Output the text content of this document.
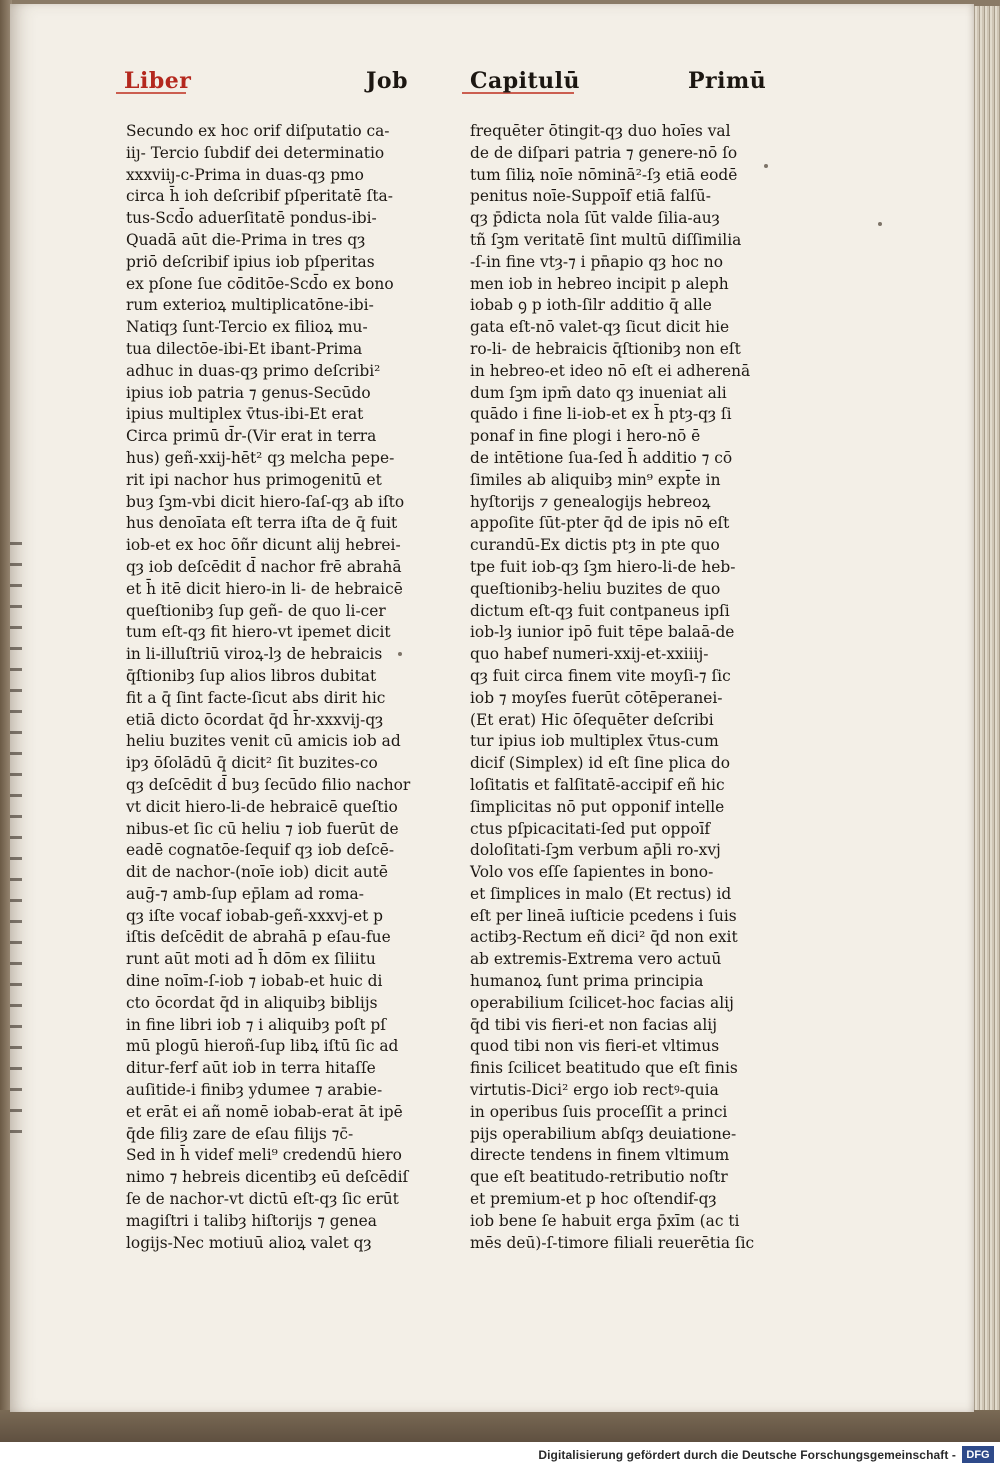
Liber	Job	Capitulū	Primū
Secundo ex hoc orif diſputatio ca-
iiȷ- Tercio ſubdif dei determinatio
xxxviiȷ-c-Prima in duas-qȝ pmo
circa h̄ ioh deſcribif pſperitatē ſta-
tus-Scd̄o aduerſitatē pondus-ibi-
Quadā aūt die-Prima in tres qȝ
priō deſcribif ipius iob pſperitas
ex pſone ſue cōditōe-Scd̄o ex bono
rum exterioꝝ multiplicatōne-ibi-
Natiqȝ ſunt-Tercio ex filioꝝ mu-
tua dilectōe-ibi-Et ibant-Prima
adhuc in duas-qȝ primo deſcribi²
ipius iob patria ⁊ genus-Secūdo
ipius multiplex v̄tus-ibi-Et erat
Circa primū d̄r-(Vir erat in terra
hus) geñ-xxij-hēt² qȝ melcha pepe-
rit ipi nachor hus primogenitū et
buȝ ſꝫm-vbi dicit hiero-ſaſ-qȝ ab iſto
hus denoīata eſt terra iſta de q̄ fuit
iob-et ex hoc ōñr dicunt alij hebrei-
qȝ iob deſcēdit d̄ nachor frē abrahā
et h̄ itē dicit hiero-in li- de hebraicē
queſtionibȝ ſup geñ- de quo li-cer
tum eſt-qȝ fit hiero-vt ipemet dicit
in li-illuſtriū viroꝝ-lȝ de hebraicis
q̄ſtionibȝ ſup alios libros dubitat
fit a q̄ ſint facte-ſicut abs dirit hic
etiā dicto ōcordat q̄d h̄r-xxxvij-qȝ
heliu buzites venit cū amicis iob ad
ipȝ ōſolādū q̄ dicit² ſit buzites-co
qȝ deſcēdit d̄ buȝ ſecūdo filio nachor
vt dicit hiero-li-de hebraicē queſtio
nibus-et ſic cū heliu ⁊ iob fuerūt de
eadē cognatōe-ſequif qȝ iob deſcē-
dit de nachor-(noīe iob) dicit autē
auḡ-⁊ amb-ſup ep̄lam ad roma-
qȝ iſte vocaf iobab-geñ-xxxvj-et p
iſtis deſcēdit de abrahā p eſau-fue
runt aūt moti ad h̄ dōm ex ſiliitu
dine noīm-ſ-iob ⁊ iobab-et huic di
cto ōcordat q̄d in aliquibȝ biblijs
in fine libri iob ⁊ i aliquibȝ poſt pſ
mū plogū hieroñ-ſup libꝝ iſtū ſic ad
ditur-ferf aūt iob in terra hitaſſe
auſitide-i finibȝ ydumee ⁊ arabie-
et erāt ei añ nomē iobab-erat āt ipē
q̄de filiȝ zare de eſau filijs ⁊c̄-
Sed in h̄ videf meli⁹ credendū hiero
nimo ⁊ hebreis dicentibȝ eū deſcēdiſ
ſe de nachor-vt dictū eſt-qȝ ſic erūt
magiſtri i talibȝ hiſtorijs ⁊ genea
logijs-Nec motiuū alioꝝ valet qȝ
frequēter ōtingit-qȝ duo hoīes val
de de diſpari patria ⁊ genere-nō ſo
tum ſiliꝝ noīe nōminā²-ſȝ etiā eodē
penitus noīe-Suppoīf etiā falſū-
qȝ p̄dicta nola ſūt valde ſilia-auȝ
tñ ſꝫm veritatē ſint multū diſſimilia
-ſ-in fine vtȝ-⁊ i pn̄apio qȝ hoc no
men iob in hebreo incipit p aleph
iobab ꝯ p ioth-ſilr additio q̄ alle
gata eſt-nō valet-qȝ ſicut dicit hie
ro-li- de hebraicis q̄ſtionibȝ non eſt
in hebreo-et ideo nō eſt ei adherenā
dum ſꝫm ipm̄ dato qȝ inueniat ali
quādo i fine li-iob-et ex h̄ ptȝ-qȝ ſi
ponaf in fine plogi i hero-nō ē
de intētione ſua-ſed h̄ additio ⁊ cō
ſimiles ab aliquibȝ min⁹ expt̄e in
hyſtorijs ⁊ genealogijs hebreoꝝ
appoſite ſūt-pter q̄d de ipis nō eſt
curandū-Ex dictis ptȝ in pte quo
tpe fuit iob-qȝ ſꝫm hiero-li-de heb-
queſtionibȝ-heliu buzites de quo
dictum eſt-qȝ fuit contpaneus ipſi
iob-lȝ iunior ipō fuit tēpe balaā-de
quo habef numeri-xxij-et-xxiiij-
qȝ fuit circa finem vite moyſi-⁊ ſic
iob ⁊ moyſes fuerūt cōtēperanei-
(Et erat) Hic ōſequēter deſcribi
tur ipius iob multiplex v̄tus-cum
dicif (Simplex) id eſt ſine plica do
loſitatis et falſitatē-accipif eñ hic
ſimplicitas nō put opponif intelle
ctus pſpicacitati-ſed put oppoīf
doloſitati-ſꝫm verbum ap̄li ro-xvj
Volo vos eſſe ſapientes in bono-
et ſimplices in malo (Et rectus) id
eſt per lineā iuſticie pcedens i ſuis
actibȝ-Rectum eñ dici² q̄d non exit
ab extremis-Extrema vero actuū
humanoꝝ ſunt prima principia
operabilium ſcilicet-hoc facias alij
q̄d tibi vis fieri-et non facias alij
quod tibi non vis fieri-et vltimus
finis ſcilicet beatitudo que eſt finis
virtutis-Dici² ergo iob rectꝰ-quia
in operibus ſuis proceſſit a princi
pijs operabilium abſqȝ deuiatione-
directe tendens in finem vltimum
que eſt beatitudo-retributio noſtr
et premium-et p hoc oſtendif-qȝ
iob bene ſe habuit erga p̄xīm (ac ti
mēs deū)-ſ-timore filiali reuerētia ſic
Digitalisierung gefördert durch die Deutsche Forschungsgemeinschaft - DFG
